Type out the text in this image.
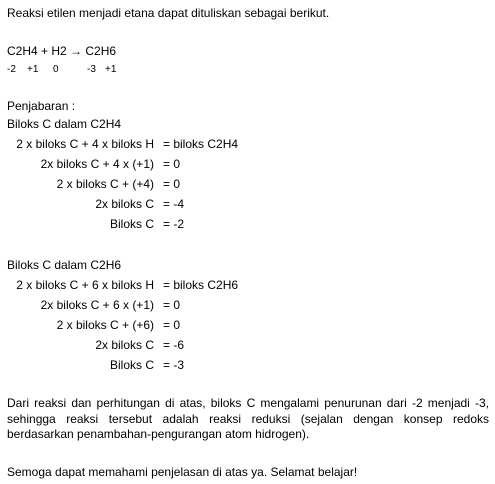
Reaksi etilen menjadi etana dapat dituliskan sebagai berikut.
C2H4 + H2 → C2H6
-2 +1 0	-3 +1
Penjabaran :
Biloks C dalam C2H4
2 x biloks C + 4 x biloks H = biloks C2H4
2x biloks C + 4 x (+1) = 0
2 x biloks C + (+4) = 0
2x biloks C = -4
Biloks C = -2
Biloks C dalam C2H6
2 x biloks C + 6 x biloks H = biloks C2H6
2x biloks C + 6 x (+1) = 0
2 x biloks C + (+6) = 0
2x biloks C = -6
Biloks C = -3
Dari reaksi dan perhitungan di atas, biloks C mengalami penurunan dari -2 menjadi -3, sehingga reaksi tersebut adalah reaksi reduksi (sejalan dengan konsep redoks berdasarkan penambahan-pengurangan atom hidrogen).
Semoga dapat memahami penjelasan di atas ya. Selamat belajar!
